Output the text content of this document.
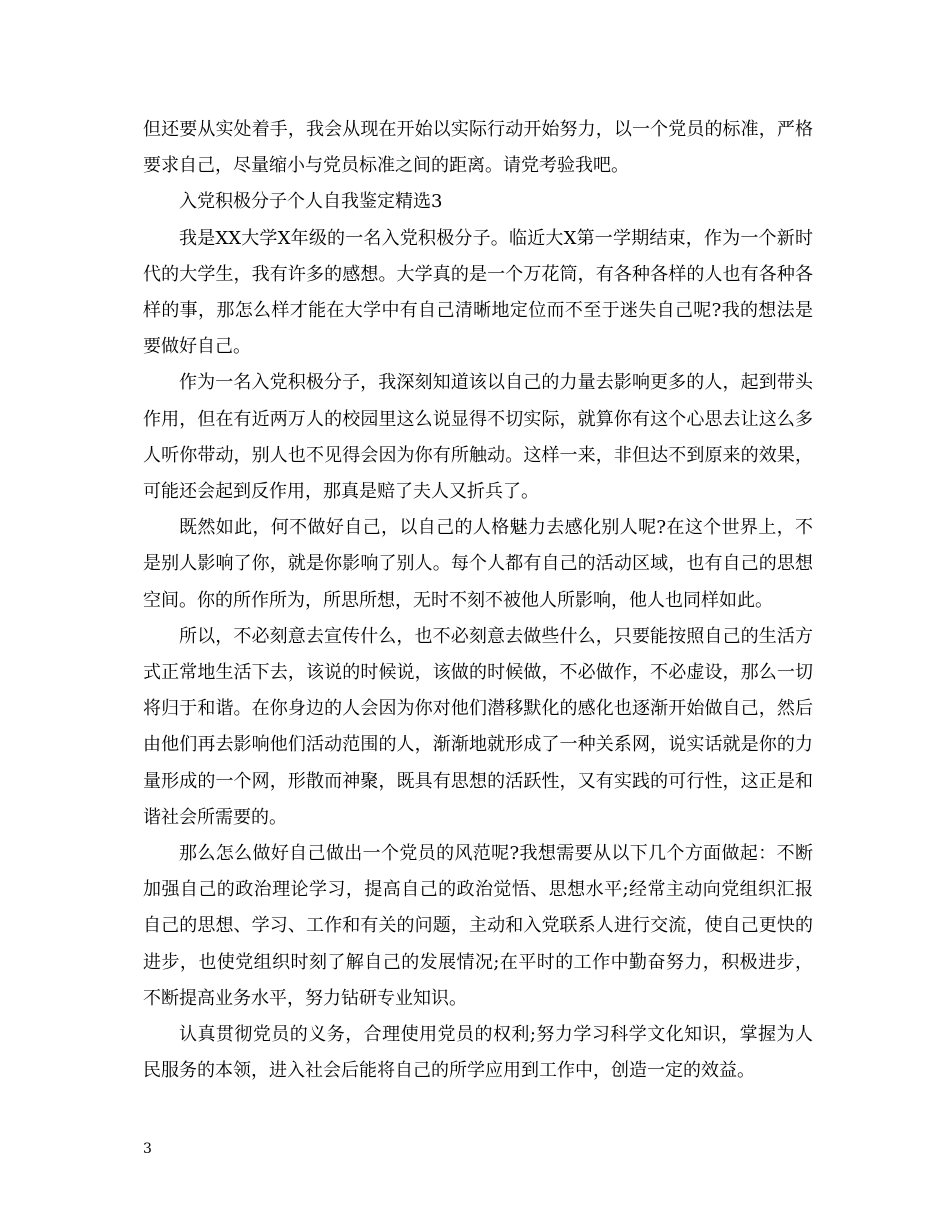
但还要从实处着手，我会从现在开始以实际行动开始努力，以一个党员的标准，严格要求自己，尽量缩小与党员标准之间的距离。请党考验我吧。

入党积极分子个人自我鉴定精选3

我是XX大学X年级的一名入党积极分子。临近大X第一学期结束，作为一个新时代的大学生，我有许多的感想。大学真的是一个万花筒，有各种各样的人也有各种各样的事，那怎么样才能在大学中有自己清晰地定位而不至于迷失自己呢?我的想法是要做好自己。

作为一名入党积极分子，我深刻知道该以自己的力量去影响更多的人，起到带头作用，但在有近两万人的校园里这么说显得不切实际，就算你有这个心思去让这么多人听你带动，别人也不见得会因为你有所触动。这样一来，非但达不到原来的效果，可能还会起到反作用，那真是赔了夫人又折兵了。

既然如此，何不做好自己，以自己的人格魅力去感化别人呢?在这个世界上，不是别人影响了你，就是你影响了别人。每个人都有自己的活动区域，也有自己的思想空间。你的所作所为，所思所想，无时不刻不被他人所影响，他人也同样如此。

所以，不必刻意去宣传什么，也不必刻意去做些什么，只要能按照自己的生活方式正常地生活下去，该说的时候说，该做的时候做，不必做作，不必虚设，那么一切将归于和谐。在你身边的人会因为你对他们潜移默化的感化也逐渐开始做自己，然后由他们再去影响他们活动范围的人，渐渐地就形成了一种关系网，说实话就是你的力量形成的一个网，形散而神聚，既具有思想的活跃性，又有实践的可行性，这正是和谐社会所需要的。

那么怎么做好自己做出一个党员的风范呢?我想需要从以下几个方面做起：不断加强自己的政治理论学习，提高自己的政治觉悟、思想水平;经常主动向党组织汇报自己的思想、学习、工作和有关的问题，主动和入党联系人进行交流，使自己更快的进步，也使党组织时刻了解自己的发展情况;在平时的工作中勤奋努力，积极进步，不断提高业务水平，努力钻研专业知识。

认真贯彻党员的义务，合理使用党员的权利;努力学习科学文化知识，掌握为人民服务的本领，进入社会后能将自己的所学应用到工作中，创造一定的效益。

3
